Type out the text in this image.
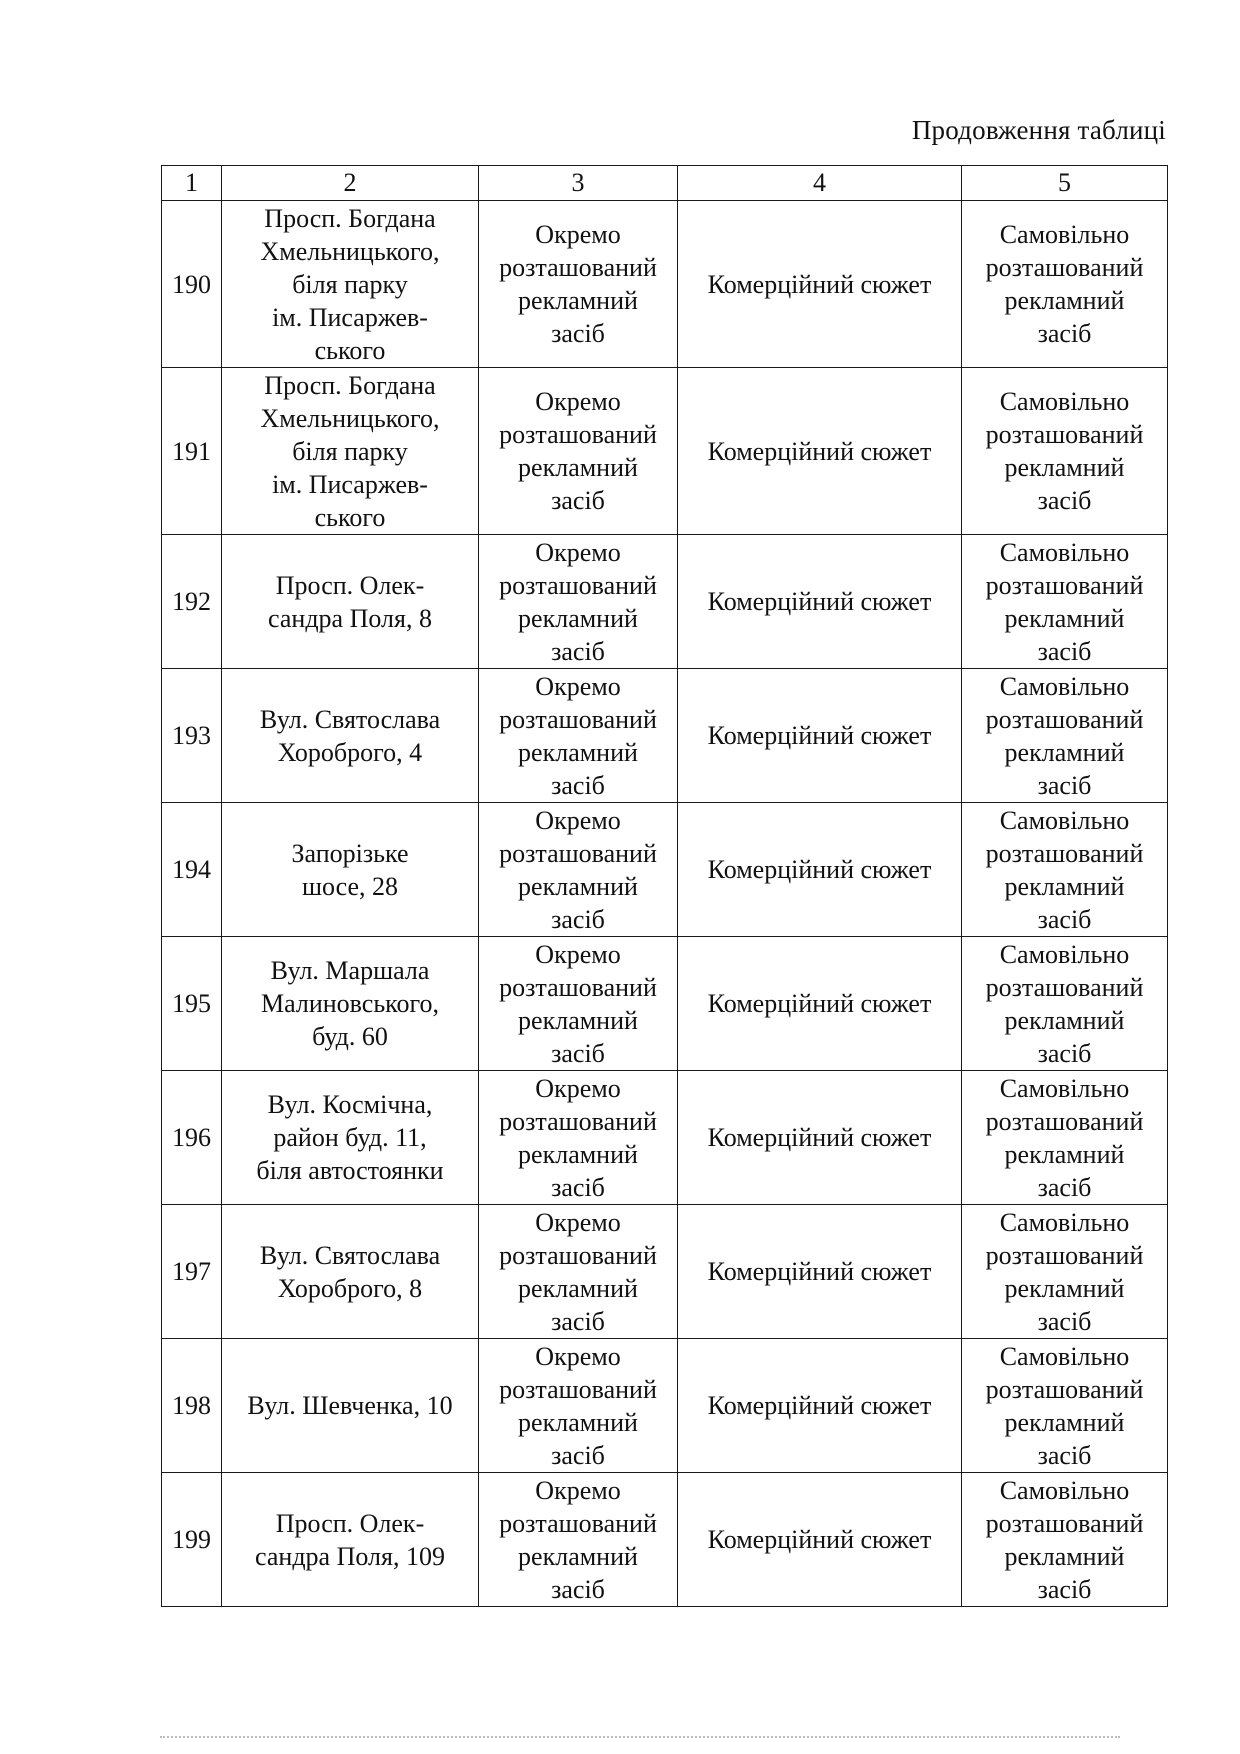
Продовження таблиці
1	2	3	4	5
190	Просп. Богдана
Хмельницького,
біля парку
ім. Писаржев-
ського	Окремо
розташований
рекламний
засіб	Комерційний сюжет	Самовільно
розташований
рекламний
засіб
191	Просп. Богдана
Хмельницького,
біля парку
ім. Писаржев-
ського	Окремо
розташований
рекламний
засіб	Комерційний сюжет	Самовільно
розташований
рекламний
засіб
192	Просп. Олек-
сандра Поля, 8	Окремо
розташований
рекламний
засіб	Комерційний сюжет	Самовільно
розташований
рекламний
засіб
193	Вул. Святослава
Хороброго, 4	Окремо
розташований
рекламний
засіб	Комерційний сюжет	Самовільно
розташований
рекламний
засіб
194	Запорізьке
шосе, 28	Окремо
розташований
рекламний
засіб	Комерційний сюжет	Самовільно
розташований
рекламний
засіб
195	Вул. Маршала
Малиновського,
буд. 60	Окремо
розташований
рекламний
засіб	Комерційний сюжет	Самовільно
розташований
рекламний
засіб
196	Вул. Космічна,
район буд. 11,
біля автостоянки	Окремо
розташований
рекламний
засіб	Комерційний сюжет	Самовільно
розташований
рекламний
засіб
197	Вул. Святослава
Хороброго, 8	Окремо
розташований
рекламний
засіб	Комерційний сюжет	Самовільно
розташований
рекламний
засіб
198	Вул. Шевченка, 10	Окремо
розташований
рекламний
засіб	Комерційний сюжет	Самовільно
розташований
рекламний
засіб
199	Просп. Олек-
сандра Поля, 109	Окремо
розташований
рекламний
засіб	Комерційний сюжет	Самовільно
розташований
рекламний
засіб
